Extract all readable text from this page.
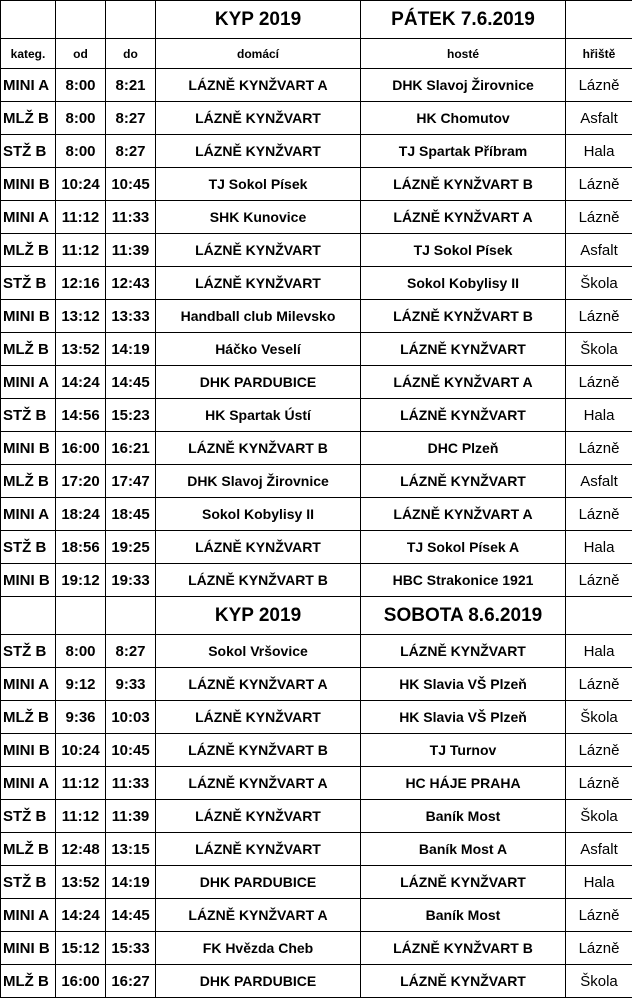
			KYP 2019	PÁTEK 7.6.2019	
kateg.	od	do	domácí	hosté	hřiště
MINI A	8:00	8:21	LÁZNĚ KYNŽVART A	DHK Slavoj Žirovnice	Lázně
MLŽ B	8:00	8:27	LÁZNĚ KYNŽVART	HK Chomutov	Asfalt
STŽ B	8:00	8:27	LÁZNĚ KYNŽVART	TJ Spartak Příbram	Hala
MINI B	10:24	10:45	TJ Sokol Písek	LÁZNĚ KYNŽVART B	Lázně
MINI A	11:12	11:33	SHK Kunovice	LÁZNĚ KYNŽVART A	Lázně
MLŽ B	11:12	11:39	LÁZNĚ KYNŽVART	TJ Sokol Písek	Asfalt
STŽ B	12:16	12:43	LÁZNĚ KYNŽVART	Sokol Kobylisy II	Škola
MINI B	13:12	13:33	Handball club Milevsko	LÁZNĚ KYNŽVART B	Lázně
MLŽ B	13:52	14:19	Háčko Veselí	LÁZNĚ KYNŽVART	Škola
MINI A	14:24	14:45	DHK PARDUBICE	LÁZNĚ KYNŽVART A	Lázně
STŽ B	14:56	15:23	HK Spartak Ústí	LÁZNĚ KYNŽVART	Hala
MINI B	16:00	16:21	LÁZNĚ KYNŽVART B	DHC Plzeň	Lázně
MLŽ B	17:20	17:47	DHK Slavoj Žirovnice	LÁZNĚ KYNŽVART	Asfalt
MINI A	18:24	18:45	Sokol Kobylisy II	LÁZNĚ KYNŽVART A	Lázně
STŽ B	18:56	19:25	LÁZNĚ KYNŽVART	TJ Sokol Písek A	Hala
MINI B	19:12	19:33	LÁZNĚ KYNŽVART B	HBC Strakonice 1921	Lázně
			KYP 2019	SOBOTA 8.6.2019	
STŽ B	8:00	8:27	Sokol Vršovice	LÁZNĚ KYNŽVART	Hala
MINI A	9:12	9:33	LÁZNĚ KYNŽVART A	HK Slavia VŠ Plzeň	Lázně
MLŽ B	9:36	10:03	LÁZNĚ KYNŽVART	HK Slavia VŠ Plzeň	Škola
MINI B	10:24	10:45	LÁZNĚ KYNŽVART B	TJ Turnov	Lázně
MINI A	11:12	11:33	LÁZNĚ KYNŽVART A	HC HÁJE PRAHA	Lázně
STŽ B	11:12	11:39	LÁZNĚ KYNŽVART	Baník Most	Škola
MLŽ B	12:48	13:15	LÁZNĚ KYNŽVART	Baník Most A	Asfalt
STŽ B	13:52	14:19	DHK PARDUBICE	LÁZNĚ KYNŽVART	Hala
MINI A	14:24	14:45	LÁZNĚ KYNŽVART A	Baník Most	Lázně
MINI B	15:12	15:33	FK Hvězda Cheb	LÁZNĚ KYNŽVART B	Lázně
MLŽ B	16:00	16:27	DHK PARDUBICE	LÁZNĚ KYNŽVART	Škola
